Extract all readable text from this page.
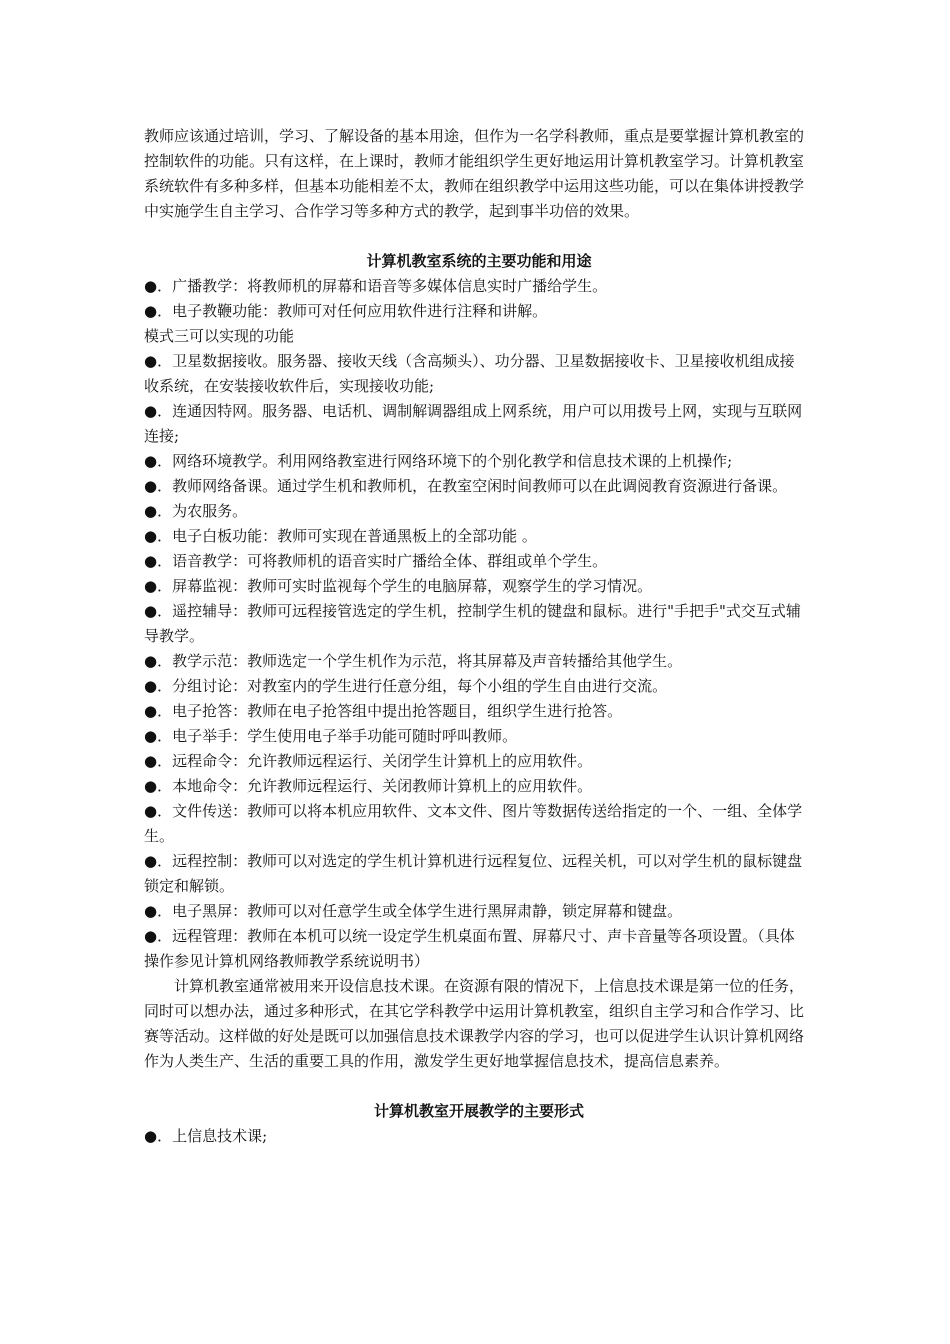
教师应该通过培训，学习、了解设备的基本用途，但作为一名学科教师，重点是要掌握计算机教室的控制软件的功能。只有这样，在上课时，教师才能组织学生更好地运用计算机教室学习。计算机教室系统软件有多种多样，但基本功能相差不太，教师在组织教学中运用这些功能，可以在集体讲授教学中实施学生自主学习、合作学习等多种方式的教学，起到事半功倍的效果。

计算机教室系统的主要功能和用途

●．广播教学：将教师机的屏幕和语音等多媒体信息实时广播给学生。

●．电子教鞭功能：教师可对任何应用软件进行注释和讲解。

模式三可以实现的功能

●．卫星数据接收。服务器、接收天线（含高频头）、功分器、卫星数据接收卡、卫星接收机组成接收系统，在安装接收软件后，实现接收功能;

●．连通因特网。服务器、电话机、调制解调器组成上网系统，用户可以用拨号上网，实现与互联网连接;

●．网络环境教学。利用网络教室进行网络环境下的个别化教学和信息技术课的上机操作;

●．教师网络备课。通过学生机和教师机，在教室空闲时间教师可以在此调阅教育资源进行备课。

●．为农服务。

●．电子白板功能：教师可实现在普通黑板上的全部功能 。

●．语音教学：可将教师机的语音实时广播给全体、群组或单个学生。

●．屏幕监视：教师可实时监视每个学生的电脑屏幕，观察学生的学习情况。

●．遥控辅导：教师可远程接管选定的学生机，控制学生机的键盘和鼠标。进行"手把手"式交互式辅导教学。

●．教学示范：教师选定一个学生机作为示范，将其屏幕及声音转播给其他学生。

●．分组讨论：对教室内的学生进行任意分组，每个小组的学生自由进行交流。

●．电子抢答：教师在电子抢答组中提出抢答题目，组织学生进行抢答。

●．电子举手：学生使用电子举手功能可随时呼叫教师。

●．远程命令：允许教师远程运行、关闭学生计算机上的应用软件。

●．本地命令：允许教师远程运行、关闭教师计算机上的应用软件。

●．文件传送：教师可以将本机应用软件、文本文件、图片等数据传送给指定的一个、一组、全体学生。

●．远程控制：教师可以对选定的学生机计算机进行远程复位、远程关机，可以对学生机的鼠标键盘锁定和解锁。

●．电子黑屏：教师可以对任意学生或全体学生进行黑屏肃静，锁定屏幕和键盘。

●．远程管理：教师在本机可以统一设定学生机桌面布置、屏幕尺寸、声卡音量等各项设置。（具体操作参见计算机网络教师教学系统说明书）

计算机教室通常被用来开设信息技术课。在资源有限的情况下，上信息技术课是第一位的任务，同时可以想办法，通过多种形式，在其它学科教学中运用计算机教室，组织自主学习和合作学习、比赛等活动。这样做的好处是既可以加强信息技术课教学内容的学习，也可以促进学生认识计算机网络作为人类生产、生活的重要工具的作用，激发学生更好地掌握信息技术，提高信息素养。

计算机教室开展教学的主要形式

●．上信息技术课;
